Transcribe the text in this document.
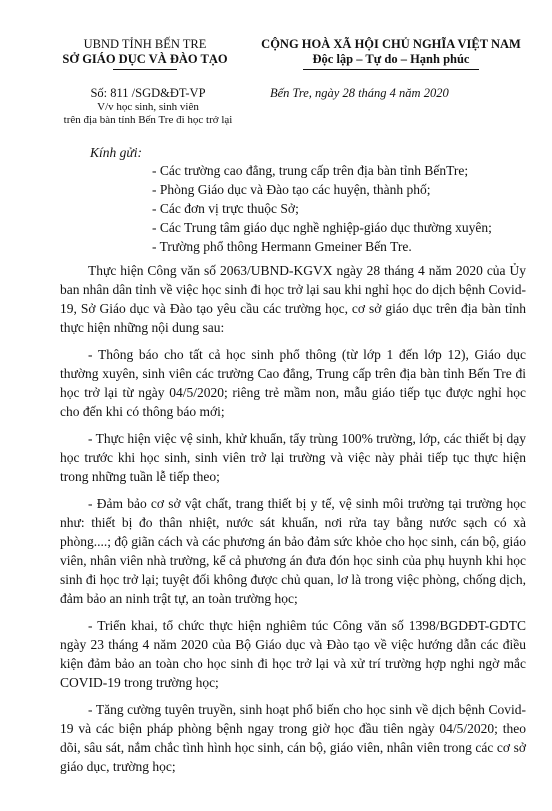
UBND TỈNH BẾN TRE
SỞ GIÁO DỤC VÀ ĐÀO TẠO
CỘNG HOÀ XÃ HỘI CHỦ NGHĨA VIỆT NAM
Độc lập – Tự do – Hạnh phúc
Số: 811 /SGD&ĐT-VP
V/v học sinh, sinh viên
trên địa bàn tỉnh Bến Tre đi học trở lại
Bến Tre, ngày 28 tháng 4 năm 2020
Kính gửi:
- Các trường cao đẳng, trung cấp trên địa bàn tỉnh BếnTre;
- Phòng Giáo dục và Đào tạo các huyện, thành phố;
- Các đơn vị trực thuộc Sở;
- Các Trung tâm giáo dục nghề nghiệp-giáo dục thường xuyên;
- Trường phổ thông Hermann Gmeiner Bến Tre.

Thực hiện Công văn số 2063/UBND-KGVX ngày 28 tháng 4 năm 2020 của Ủy ban nhân dân tỉnh về việc học sinh đi học trở lại sau khi nghỉ học do dịch bệnh Covid-19, Sở Giáo dục và Đào tạo yêu cầu các trường học, cơ sở giáo dục trên địa bàn tỉnh thực hiện những nội dung sau:

- Thông báo cho tất cả học sinh phổ thông (từ lớp 1 đến lớp 12), Giáo dục thường xuyên, sinh viên các trường Cao đẳng, Trung cấp trên địa bàn tỉnh Bến Tre đi học trở lại từ ngày 04/5/2020; riêng trẻ mầm non, mẫu giáo tiếp tục được nghỉ học cho đến khi có thông báo mới;

- Thực hiện việc vệ sinh, khử khuẩn, tẩy trùng 100% trường, lớp, các thiết bị dạy học trước khi học sinh, sinh viên trở lại trường và việc này phải tiếp tục thực hiện trong những tuần lễ tiếp theo;

- Đảm bảo cơ sở vật chất, trang thiết bị y tế, vệ sinh môi trường tại trường học như: thiết bị đo thân nhiệt, nước sát khuẩn, nơi rửa tay bằng nước sạch có xà phòng....; độ giãn cách và các phương án bảo đảm sức khỏe cho học sinh, cán bộ, giáo viên, nhân viên nhà trường, kể cả phương án đưa đón học sinh của phụ huynh khi học sinh đi học trở lại; tuyệt đối không được chủ quan, lơ là trong việc phòng, chống dịch, đảm bảo an ninh trật tự, an toàn trường học;

- Triển khai, tổ chức thực hiện nghiêm túc Công văn số 1398/BGDĐT-GDTC ngày 23 tháng 4 năm 2020 của Bộ Giáo dục và Đào tạo về việc hướng dẫn các điều kiện đảm bảo an toàn cho học sinh đi học trở lại và xử trí trường hợp nghi ngờ mắc COVID-19 trong trường học;

- Tăng cường tuyên truyền, sinh hoạt phổ biến cho học sinh về dịch bệnh Covid-19 và các biện pháp phòng bệnh ngay trong giờ học đầu tiên ngày 04/5/2020; theo dõi, sâu sát, nắm chắc tình hình học sinh, cán bộ, giáo viên, nhân viên trong các cơ sở giáo dục, trường học;
